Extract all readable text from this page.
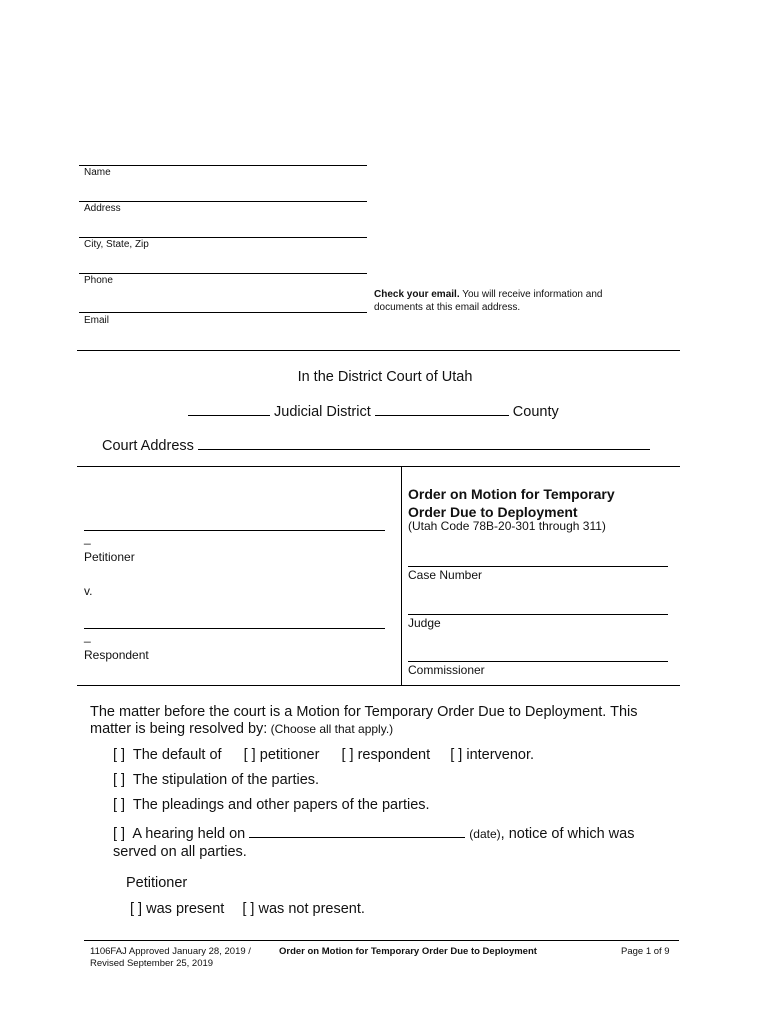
Name
Address
City, State, Zip
Phone
Email
Check your email. You will receive information and
documents at this email address.
In the District Court of Utah
Judicial District	County
Court Address
_
Petitioner
v.
_
Respondent
Order on Motion for Temporary
Order Due to Deployment
(Utah Code 78B-20-301 through 311)
Case Number
Judge
Commissioner
The matter before the court is a Motion for Temporary Order Due to Deployment. This
matter is being resolved by: (Choose all that apply.)
[ ] The default of [ ] petitioner [ ] respondent [ ] intervenor.
[ ] The stipulation of the parties.
[ ] The pleadings and other papers of the parties.
[ ] A hearing held on	(date), notice of which was
served on all parties.
Petitioner
[ ] was present [ ] was not present.
1106FAJ Approved January 28, 2019 /
Revised September 25, 2019
Order on Motion for Temporary Order Due to Deployment	Page 1 of 9
